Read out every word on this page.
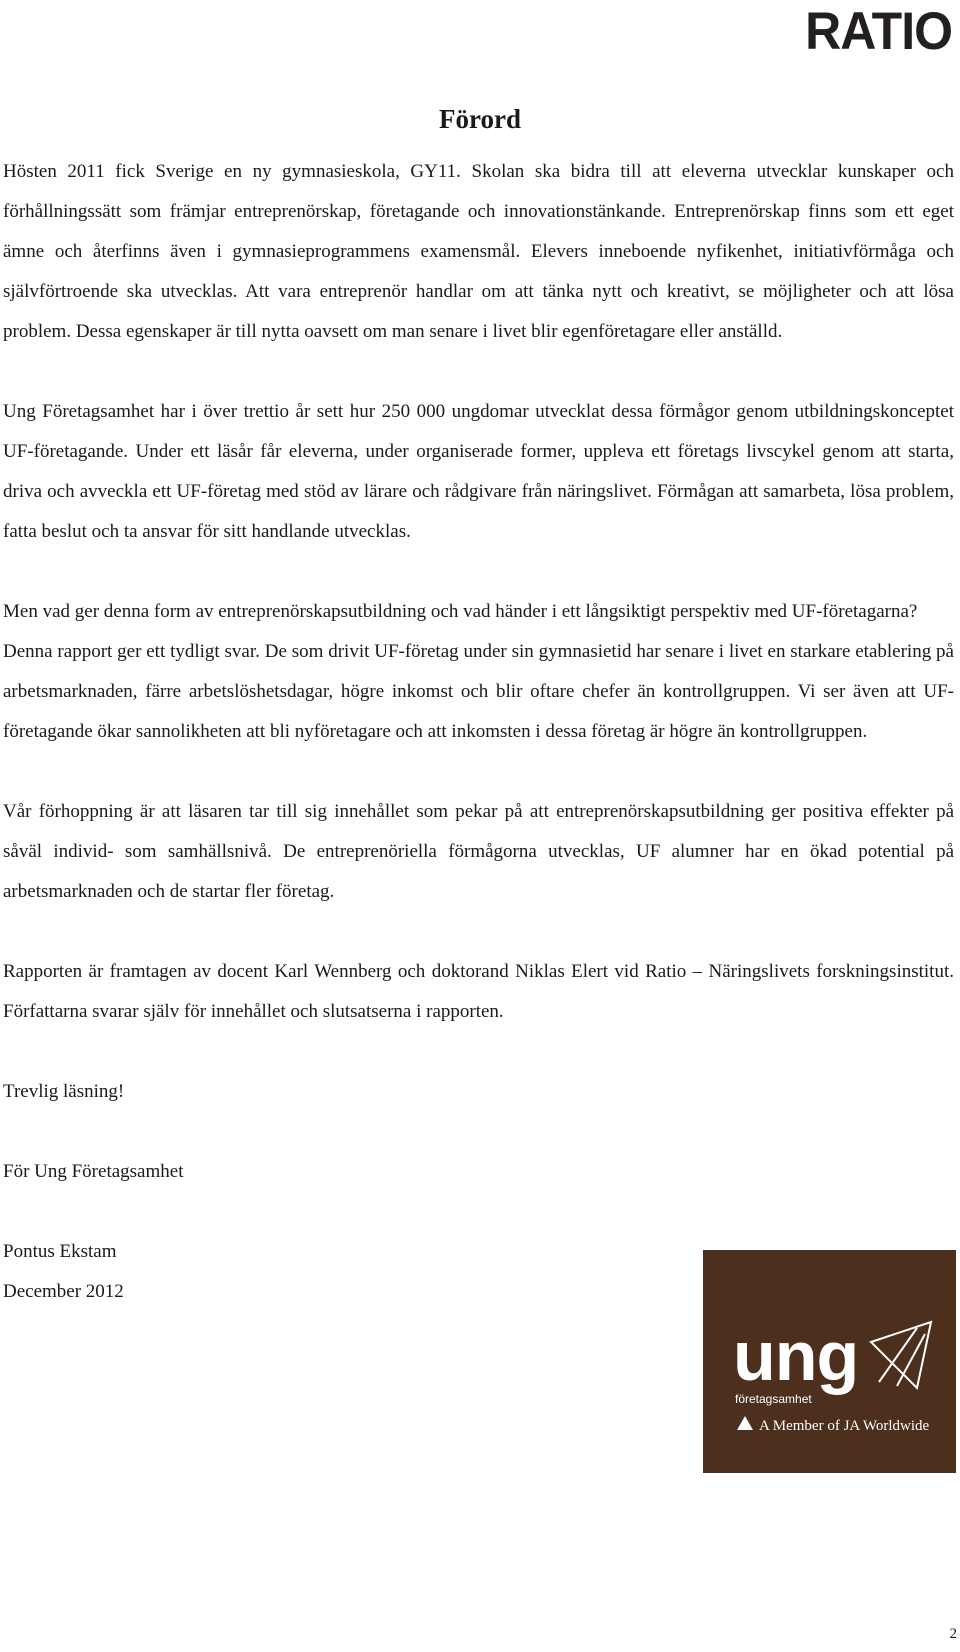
RATIO
Förord

Hösten 2011 fick Sverige en ny gymnasieskola, GY11. Skolan ska bidra till att eleverna utvecklar kunskaper och förhållningssätt som främjar entreprenörskap, företagande och innovationstänkande. Entreprenörskap finns som ett eget ämne och återfinns även i gymnasieprogrammens examensmål. Elevers inneboende nyfikenhet, initiativförmåga och självförtroende ska utvecklas. Att vara entreprenör handlar om att tänka nytt och kreativt, se möjligheter och att lösa problem. Dessa egenskaper är till nytta oavsett om man senare i livet blir egenföretagare eller anställd.

Ung Företagsamhet har i över trettio år sett hur 250 000 ungdomar utvecklat dessa förmågor genom utbildningskonceptet UF-företagande. Under ett läsår får eleverna, under organiserade former, uppleva ett företags livscykel genom att starta, driva och avveckla ett UF-företag med stöd av lärare och rådgivare från näringslivet. Förmågan att samarbeta, lösa problem, fatta beslut och ta ansvar för sitt handlande utvecklas.

Men vad ger denna form av entreprenörskapsutbildning och vad händer i ett långsiktigt perspektiv med UF-företagarna?

Denna rapport ger ett tydligt svar. De som drivit UF-företag under sin gymnasietid har senare i livet en starkare etablering på arbetsmarknaden, färre arbetslöshetsdagar, högre inkomst och blir oftare chefer än kontrollgruppen. Vi ser även att UF-företagande ökar sannolikheten att bli nyföretagare och att inkomsten i dessa företag är högre än kontrollgruppen.

Vår förhoppning är att läsaren tar till sig innehållet som pekar på att entreprenörskapsutbildning ger positiva effekter på såväl individ- som samhällsnivå. De entreprenöriella förmågorna utvecklas, UF alumner har en ökad potential på arbetsmarknaden och de startar fler företag.

Rapporten är framtagen av docent Karl Wennberg och doktorand Niklas Elert vid Ratio – Näringslivets forskningsinstitut. Författarna svarar själv för innehållet och slutsatserna i rapporten.

Trevlig läsning!

För Ung Företagsamhet

Pontus Ekstam

December 2012

ung
företagsamhet
A Member of JA Worldwide
2
